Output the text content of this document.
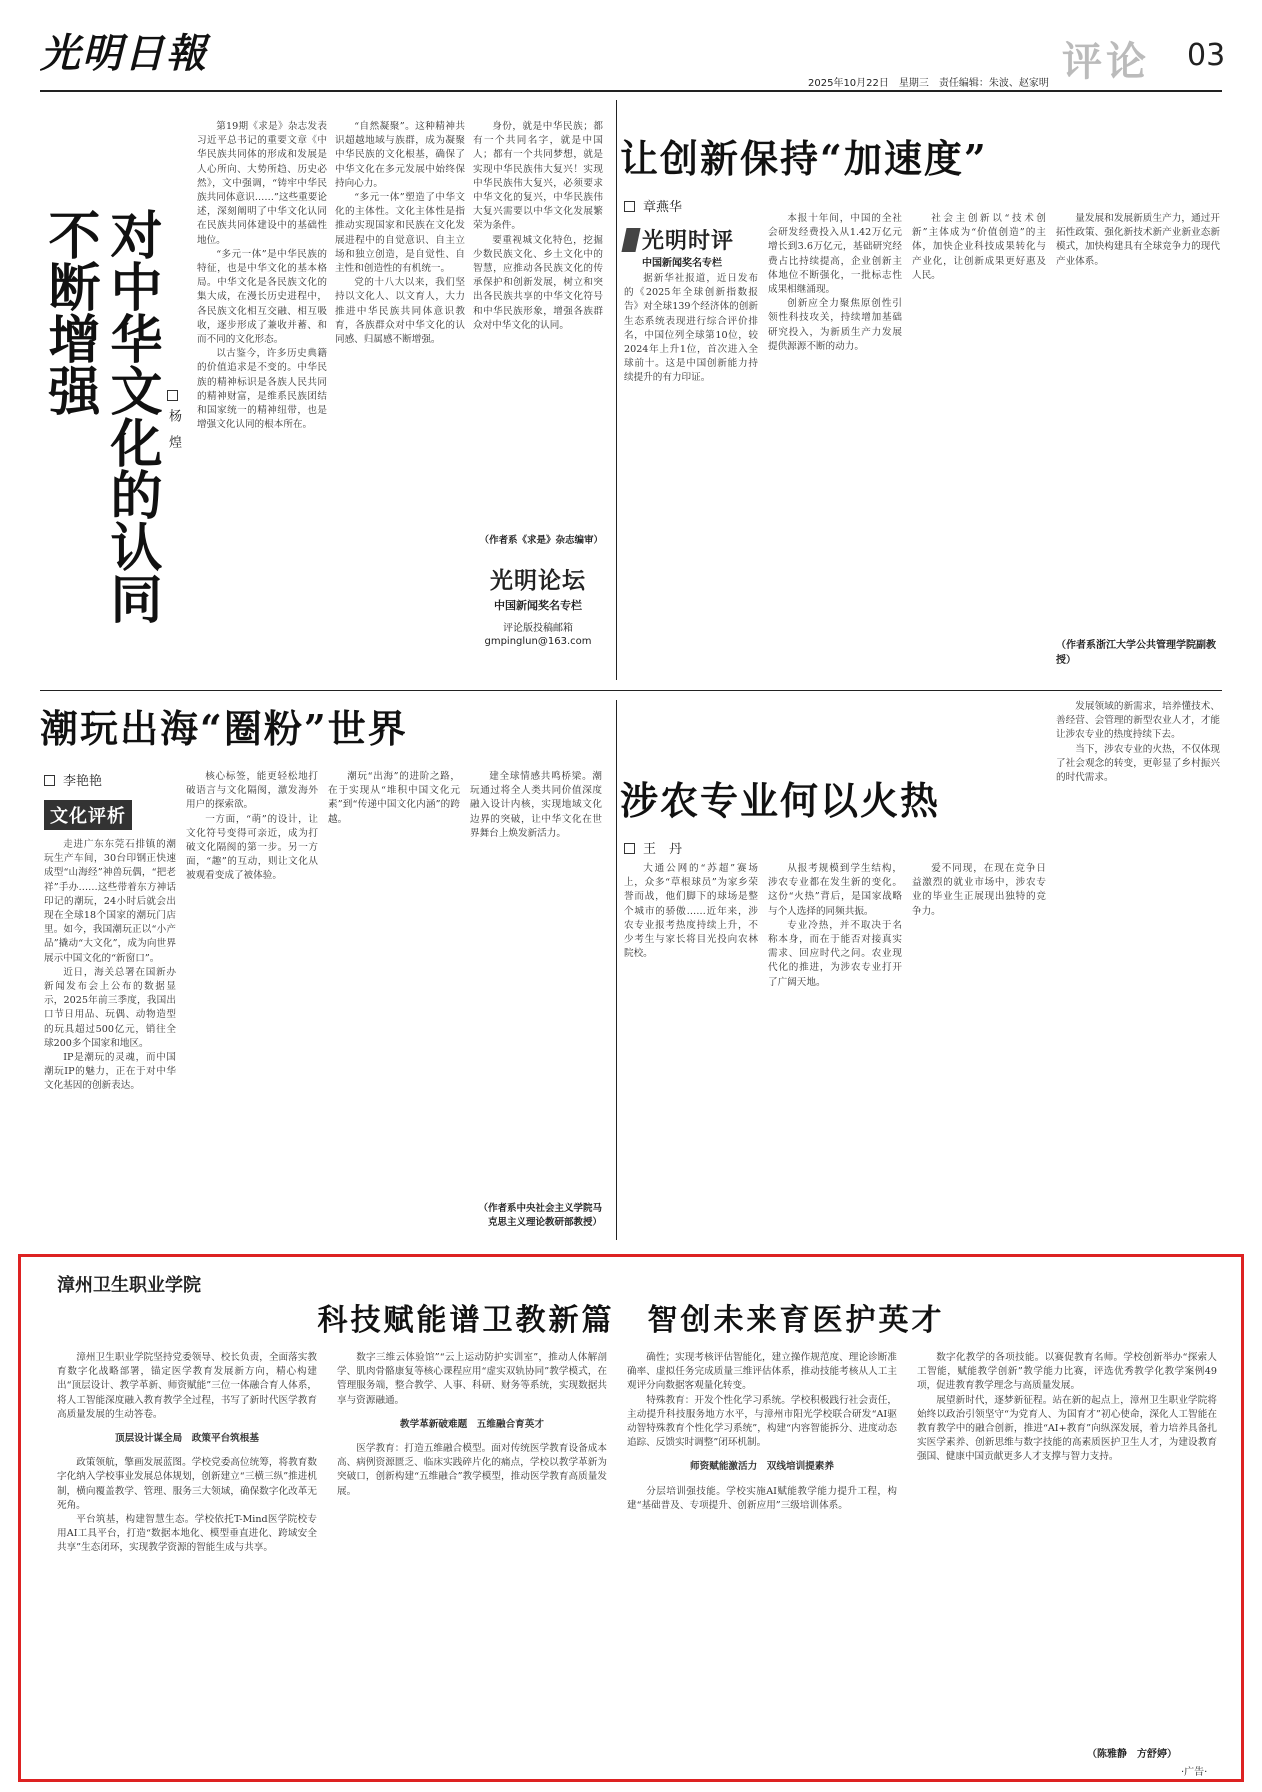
光明日報
2025年10月22日　星期三　责任编辑：朱波、赵家明 评论 03
对中华文化的认同不断增强
杨　煌

第19期《求是》杂志发表习近平总书记的重要文章《中华民族共同体的形成和发展是人心所向、大势所趋、历史必然》，文中强调，“铸牢中华民族共同体意识……”这些重要论述，深刻阐明了中华文化认同在民族共同体建设中的基础性地位。

“多元一体”是中华民族的特征，也是中华文化的基本格局。中华文化是各民族文化的集大成，在漫长历史进程中，各民族文化相互交融、相互吸收，逐步形成了兼收并蓄、和而不同的文化形态。

以古鉴今，许多历史典籍的价值追求是不变的。中华民族的精神标识是各族人民共同的精神财富，是维系民族团结和国家统一的精神纽带，也是增强文化认同的根本所在。

“自然凝聚”。这种精神共识超越地域与族群，成为凝聚中华民族的文化根基，确保了中华文化在多元发展中始终保持向心力。

“多元一体”塑造了中华文化的主体性。文化主体性是指推动实现国家和民族在文化发展进程中的自觉意识、自主立场和独立创造，是自觉性、自主性和创造性的有机统一。

党的十八大以来，我们坚持以文化人、以文育人，大力推进中华民族共同体意识教育，各族群众对中华文化的认同感、归属感不断增强。

身份，就是中华民族；都有一个共同名字，就是中国人；都有一个共同梦想，就是实现中华民族伟大复兴！实现中华民族伟大复兴，必须要求中华文化的复兴，中华民族伟大复兴需要以中华文化发展繁荣为条件。

要重视城文化特色，挖掘少数民族文化、乡土文化中的智慧，应推动各民族文化的传承保护和创新发展，树立和突出各民族共享的中华文化符号和中华民族形象，增强各族群众对中华文化的认同。

（作者系《求是》杂志编审）
光明论坛
中国新闻奖名专栏
评论版投稿邮箱
gmpinglun@163.com
让创新保持“加速度”
章燕华
光明时评
中国新闻奖名专栏

据新华社报道，近日发布的《2025年全球创新指数报告》对全球139个经济体的创新生态系统表现进行综合评价排名，中国位列全球第10位，较2024年上升1位，首次进入全球前十。这是中国创新能力持续提升的有力印证。

本报十年间，中国的全社会研发经费投入从1.42万亿元增长到3.6万亿元，基础研究经费占比持续提高，企业创新主体地位不断强化，一批标志性成果相继涌现。

创新应全力聚焦原创性引领性科技攻关，持续增加基础研究投入，为新质生产力发展提供源源不断的动力。

社会主创新以“技术创新”主体成为“价值创造”的主体，加快企业科技成果转化与产业化，让创新成果更好惠及人民。

量发展和发展新质生产力，通过开拓性政策、强化新技术新产业新业态新模式，加快构建具有全球竞争力的现代产业体系。

（作者系浙江大学公共管理学院副教授）
潮玩出海“圈粉”世界
李艳艳
文化评析

走进广东东莞石排镇的潮玩生产车间，30台印钢正快速成型“山海经”神兽玩偶，“把老祥”手办……这些带着东方神话印记的潮玩，24小时后就会出现在全球18个国家的潮玩门店里。如今，我国潮玩正以“小产品”撬动“大文化”，成为向世界展示中国文化的“新窗口”。

近日，海关总署在国新办新闻发布会上公布的数据显示，2025年前三季度，我国出口节日用品、玩偶、动物造型的玩具超过500亿元，销往全球200多个国家和地区。

IP是潮玩的灵魂，而中国潮玩IP的魅力，正在于对中华文化基因的创新表达。

核心标签，能更轻松地打破语言与文化隔阂，激发海外用户的探索欲。

一方面，“萌”的设计，让文化符号变得可亲近，成为打破文化隔阂的第一步。另一方面，“趣”的互动，则让文化从被观看变成了被体验。

潮玩“出海”的进阶之路，在于实现从“堆积中国文化元素”到“传递中国文化内涵”的跨越。

建全球情感共鸣桥梁。潮玩通过将全人类共同价值深度融入设计内核，实现地域文化边界的突破，让中华文化在世界舞台上焕发新活力。

（作者系中央社会主义学院马克思主义理论教研部教授）
涉农专业何以火热
王　丹

大通公网的“苏超”赛场上，众多“草根球员”为家乡荣誉而战，他们脚下的球场是整个城市的骄傲……近年来，涉农专业报考热度持续上升，不少考生与家长将目光投向农林院校。

从报考规模到学生结构，涉农专业都在发生新的变化。这份“火热”背后，是国家战略与个人选择的同频共振。

专业冷热，并不取决于名称本身，而在于能否对接真实需求、回应时代之问。农业现代化的推进，为涉农专业打开了广阔天地。

爱不同现，在现在竞争日益激烈的就业市场中，涉农专业的毕业生正展现出独特的竞争力。

发展领域的新需求，培养懂技术、善经营、会管理的新型农业人才，才能让涉农专业的热度持续下去。

当下，涉农专业的火热，不仅体现了社会观念的转变，更彰显了乡村振兴的时代需求。

漳州卫生职业学院
科技赋能谱卫教新篇　智创未来育医护英才

漳州卫生职业学院坚持党委领导、校长负责，全面落实教育数字化战略部署，锚定医学教育发展新方向，精心构建出“顶层设计、教学革新、师资赋能”三位一体融合育人体系，将人工智能深度融入教育教学全过程，书写了新时代医学教育高质量发展的生动答卷。

顶层设计谋全局　政策平台筑根基

政策领航，擎画发展蓝图。学校党委高位统筹，将教育数字化纳入学校事业发展总体规划，创新建立“三横三纵”推进机制，横向覆盖教学、管理、服务三大领域，确保数字化改革无死角。

平台筑基，构建智慧生态。学校依托T-Mind医学院校专用AI工具平台，打造“数据本地化、模型垂直进化、跨域安全共享”生态闭环，实现教学资源的智能生成与共享。

数字三维云体验馆”“云上运动防护实训室”，推动人体解剖学、肌肉骨骼康复等核心课程应用“虚实双轨协同”教学模式，在管理服务端，整合教学、人事、科研、财务等系统，实现数据共享与资源融通。

教学革新破难题　五维融合育英才

医学教育：打造五维融合模型。面对传统医学教育设备成本高、病例资源匮乏、临床实践碎片化的痛点，学校以教学革新为突破口，创新构建“五维融合”教学模型，推动医学教育高质量发展。

确性；实现考核评估智能化，建立操作规范度、理论诊断准确率、虚拟任务完成质量三维评估体系，推动技能考核从人工主观评分向数据客观量化转变。

特殊教育：开发个性化学习系统。学校积极践行社会责任，主动提升科技服务地方水平，与漳州市阳光学校联合研发“AI驱动智特殊教育个性化学习系统”，构建“内容智能拆分、进度动态追踪、反馈实时调整”闭环机制。

师资赋能激活力　双线培训提素养

分层培训强技能。学校实施AI赋能教学能力提升工程，构建“基础普及、专项提升、创新应用”三级培训体系。

数字化教学的各项技能。以赛促教育名师。学校创新举办“探索人工智能，赋能教学创新”教学能力比赛，评选优秀教学化教学案例49项，促进教育教学理念与高质量发展。

展望新时代，逐梦新征程。站在新的起点上，漳州卫生职业学院将始终以政治引领坚守“为党育人、为国育才”初心使命，深化人工智能在教育教学中的融合创新，推进“AI+教育”向纵深发展，着力培养具备扎实医学素养、创新思维与数字技能的高素质医护卫生人才，为建设教育强国、健康中国贡献更多人才支撑与智力支持。

（陈雅静　方舒婷）
·广告·
